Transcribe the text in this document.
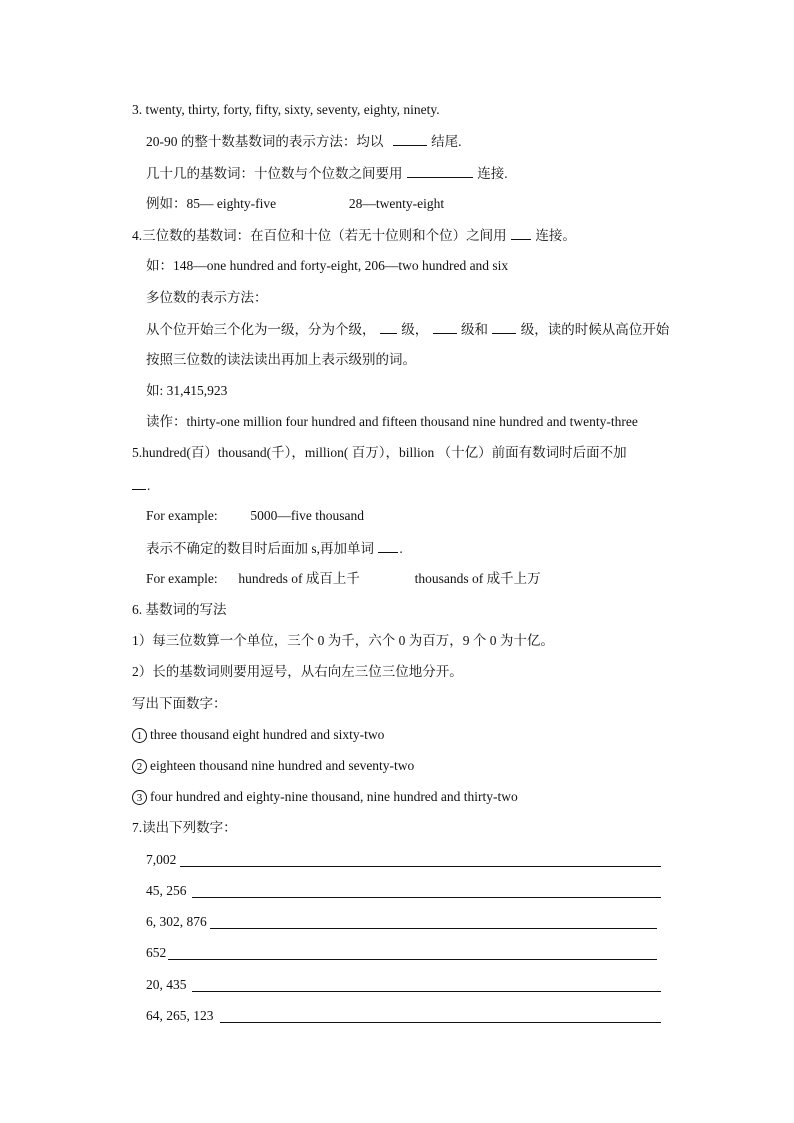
3. twenty, thirty, forty, fifty, sixty, seventy, eighty, ninety.
20-90 的整十数基数词的表示方法：均以	结尾.
几十几的基数词：十位数与个位数之间要用	连接.
例如：85— eighty-five	28—twenty-eight
4.三位数的基数词：在百位和十位（若无十位则和个位）之间用 连接。
如：148—one hundred and forty-eight, 206—two hundred and six
多位数的表示方法：
从个位开始三个化为一级，分为个级， 级， 级和 级，读的时候从高位开始
按照三位数的读法读出再加上表示级别的词。
如: 31,415,923
读作：thirty-one million four hundred and fifteen thousand nine hundred and twenty-three
5.hundred(百）thousand(千），million( 百万），billion （十亿）前面有数词时后面不加
.
For example: 5000—five thousand
表示不确定的数目时后面加 s,再加单词 .
For example: hundreds of 成百上千	thousands of 成千上万
6. 基数词的写法
1）每三位数算一个单位，三个 0 为千，六个 0 为百万，9 个 0 为十亿。
2）长的基数词则要用逗号，从右向左三位三位地分开。
写出下面数字：
1 three thousand eight hundred and sixty-two
2 eighteen thousand nine hundred and seventy-two
3 four hundred and eighty-nine thousand, nine hundred and thirty-two
7.读出下列数字：
7,002
45, 256
6, 302, 876
652
20, 435
64, 265, 123
